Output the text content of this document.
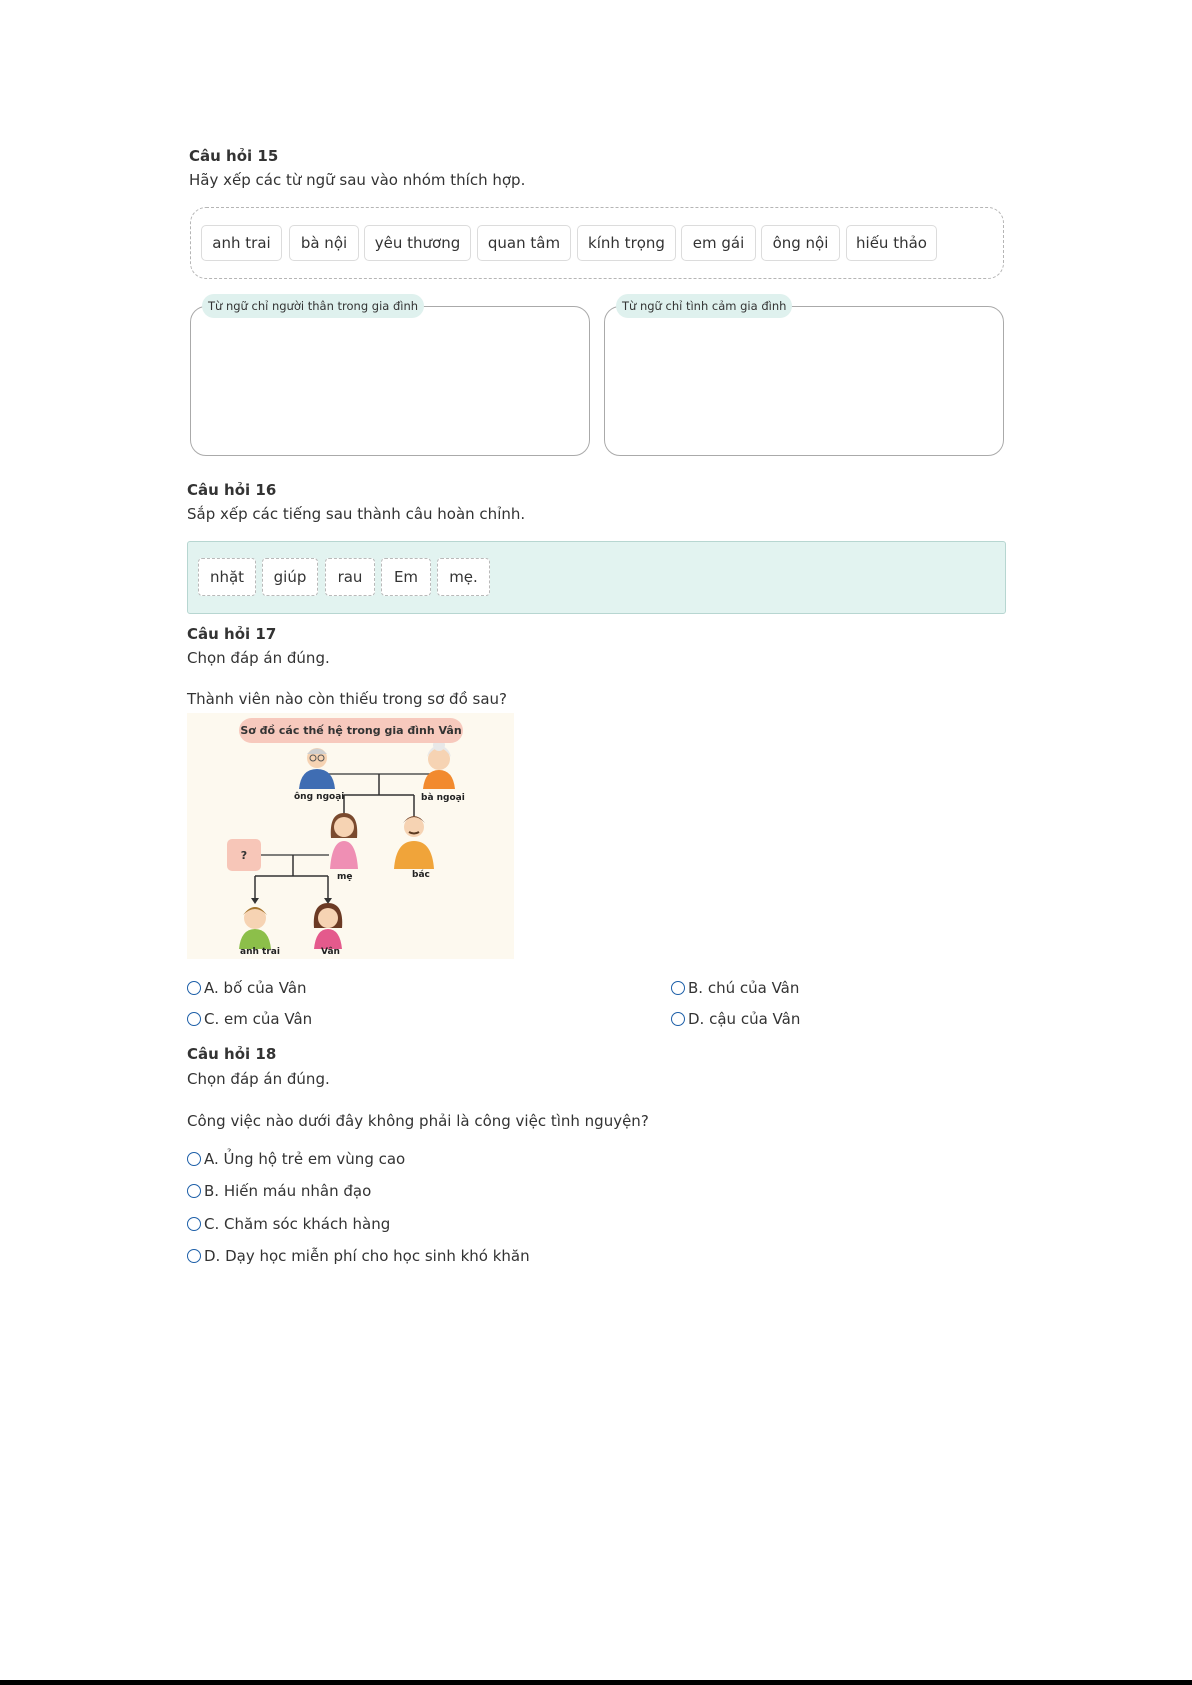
Câu hỏi 15
Hãy xếp các từ ngữ sau vào nhóm thích hợp.
anh trai	bà nội	yêu thương	quan tâm	kính trọng	em gái	ông nội	hiếu thảo
Từ ngữ chỉ người thân trong gia đình	Từ ngữ chỉ tình cảm gia đình
Câu hỏi 16
Sắp xếp các tiếng sau thành câu hoàn chỉnh.
nhặt	giúp	rau	Em	mẹ.
Câu hỏi 17
Chọn đáp án đúng.
Thành viên nào còn thiếu trong sơ đồ sau?
Sơ đồ các thế hệ trong gia đình Vân
ông ngoại	bà ngoại
mẹ	bác
?
anh trai	Vân
A.
bố của Vân	B.
chú của Vân
C.
em của Vân	D.
cậu của Vân
Câu hỏi 18
Chọn đáp án đúng.
Công việc nào dưới đây không phải là công việc tình nguyện?
A.
Ủng hộ trẻ em vùng cao
B.
Hiến máu nhân đạo
C.
Chăm sóc khách hàng
D.
Dạy học miễn phí cho học sinh khó khăn
